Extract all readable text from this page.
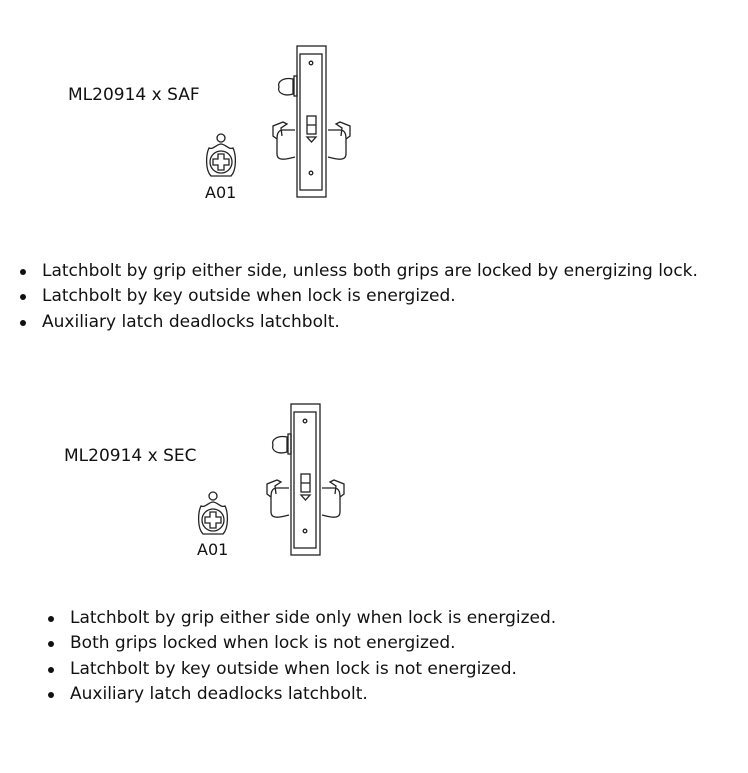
ML20914 x SAF
A01
Latchbolt by grip either side, unless both grips are locked by energizing lock.
Latchbolt by key outside when lock is energized.
Auxiliary latch deadlocks latchbolt.
ML20914 x SEC
A01
Latchbolt by grip either side only when lock is energized.
Both grips locked when lock is not energized.
Latchbolt by key outside when lock is not energized.
Auxiliary latch deadlocks latchbolt.
